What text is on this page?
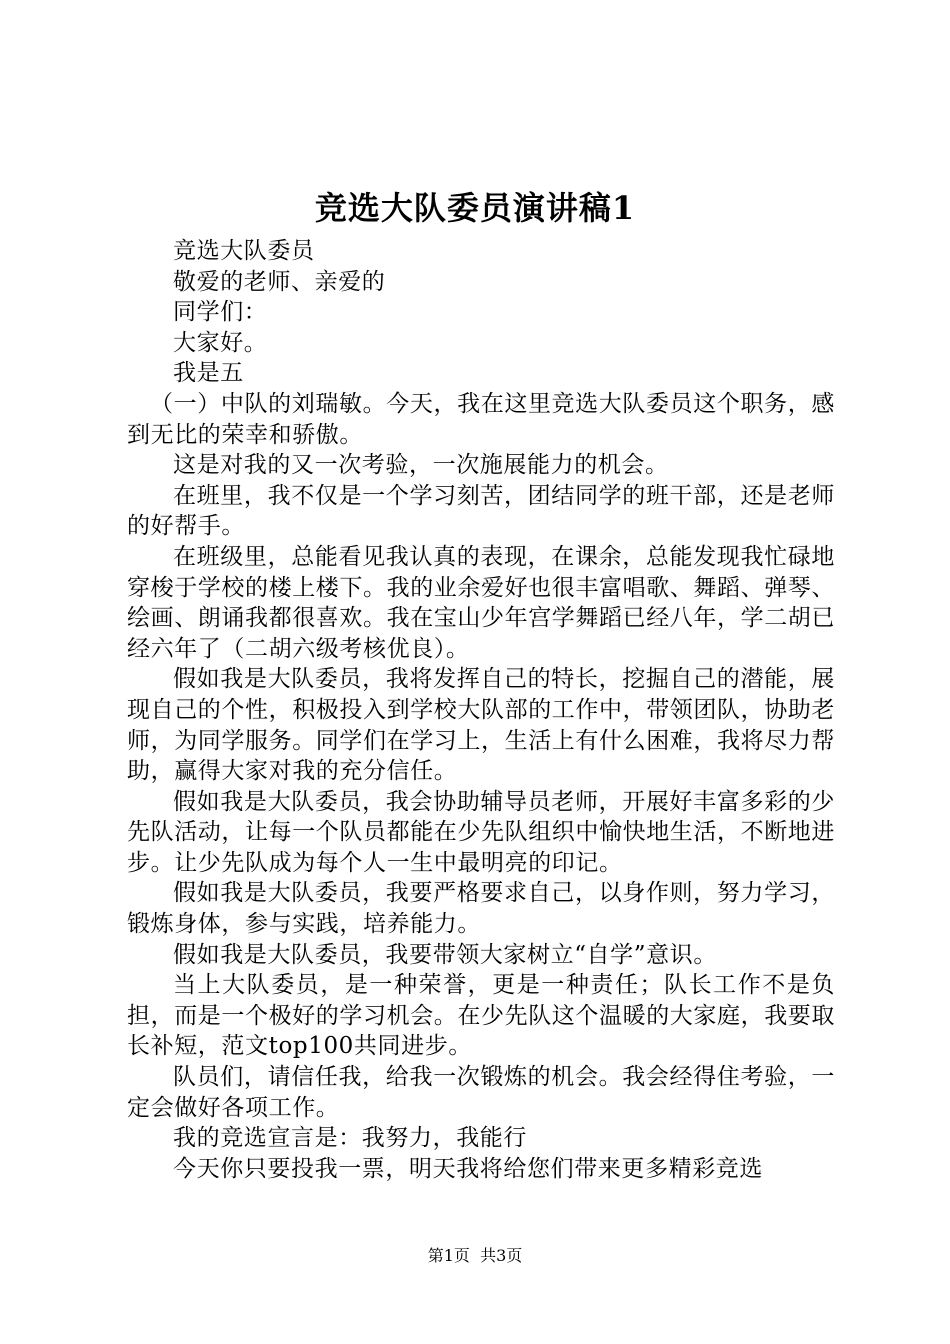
竞选大队委员演讲稿1

竞选大队委员

敬爱的老师、亲爱的

同学们：

大家好。

我是五

（一）中队的刘瑞敏。今天，我在这里竞选大队委员这个职务，感到无比的荣幸和骄傲。

这是对我的又一次考验，一次施展能力的机会。

在班里，我不仅是一个学习刻苦，团结同学的班干部，还是老师的好帮手。

在班级里，总能看见我认真的表现，在课余，总能发现我忙碌地穿梭于学校的楼上楼下。我的业余爱好也很丰富唱歌、舞蹈、弹琴、绘画、朗诵我都很喜欢。我在宝山少年宫学舞蹈已经八年，学二胡已经六年了（二胡六级考核优良）。

假如我是大队委员，我将发挥自己的特长，挖掘自己的潜能，展现自己的个性，积极投入到学校大队部的工作中，带领团队，协助老师，为同学服务。同学们在学习上，生活上有什么困难，我将尽力帮助，赢得大家对我的充分信任。

假如我是大队委员，我会协助辅导员老师，开展好丰富多彩的少先队活动，让每一个队员都能在少先队组织中愉快地生活，不断地进步。让少先队成为每个人一生中最明亮的印记。

假如我是大队委员，我要严格要求自己，以身作则，努力学习，锻炼身体，参与实践，培养能力。

假如我是大队委员，我要带领大家树立“自学”意识。

当上大队委员，是一种荣誉，更是一种责任；队长工作不是负担，而是一个极好的学习机会。在少先队这个温暖的大家庭，我要取长补短，范文top100共同进步。

队员们，请信任我，给我一次锻炼的机会。我会经得住考验，一定会做好各项工作。

我的竞选宣言是：我努力，我能行

今天你只要投我一票，明天我将给您们带来更多精彩竞选

第1页  共3页
